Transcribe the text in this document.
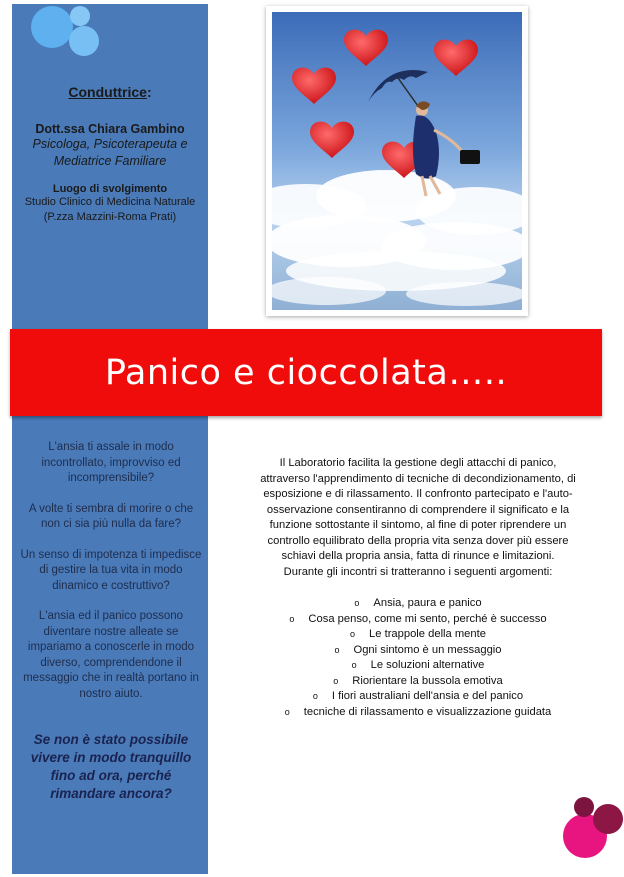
Conduttrice:
Dott.ssa Chiara Gambino
Psicologa, Psicoterapeuta e
Mediatrice Familiare
Luogo di svolgimento
Studio Clinico di Medicina Naturale
(P.zza Mazzini-Roma Prati)
Panico e cioccolata…..

L'ansia ti assale in modo incontrollato, improvviso ed incomprensibile?

A volte ti sembra di morire o che non ci sia più nulla da fare?

Un senso di impotenza ti impedisce di gestire la tua vita in modo dinamico e costruttivo?

L'ansia ed il panico possono diventare nostre alleate se impariamo a conoscerle in modo diverso, comprendendone il messaggio che in realtà portano in nostro aiuto.

Se non è stato possibile vivere in modo tranquillo fino ad ora, perché rimandare ancora?
Il Laboratorio facilita la gestione degli attacchi di panico,
attraverso l'apprendimento di tecniche di decondizionamento, di
esposizione e di rilassamento. Il confronto partecipato e l'auto-
osservazione consentiranno di comprendere il significato e la
funzione sottostante il sintomo, al fine di poter riprendere un
controllo equilibrato della propria vita senza dover più essere
schiavi della propria ansia, fatta di rinunce e limitazioni.
Durante gli incontri si tratteranno i seguenti argomenti:
o Ansia, paura e panico
o Cosa penso, come mi sento, perché è successo
o Le trappole della mente
o Ogni sintomo è un messaggio
o Le soluzioni alternative
o Riorientare la bussola emotiva
o I fiori australiani dell'ansia e del panico
o tecniche di rilassamento e visualizzazione guidata
